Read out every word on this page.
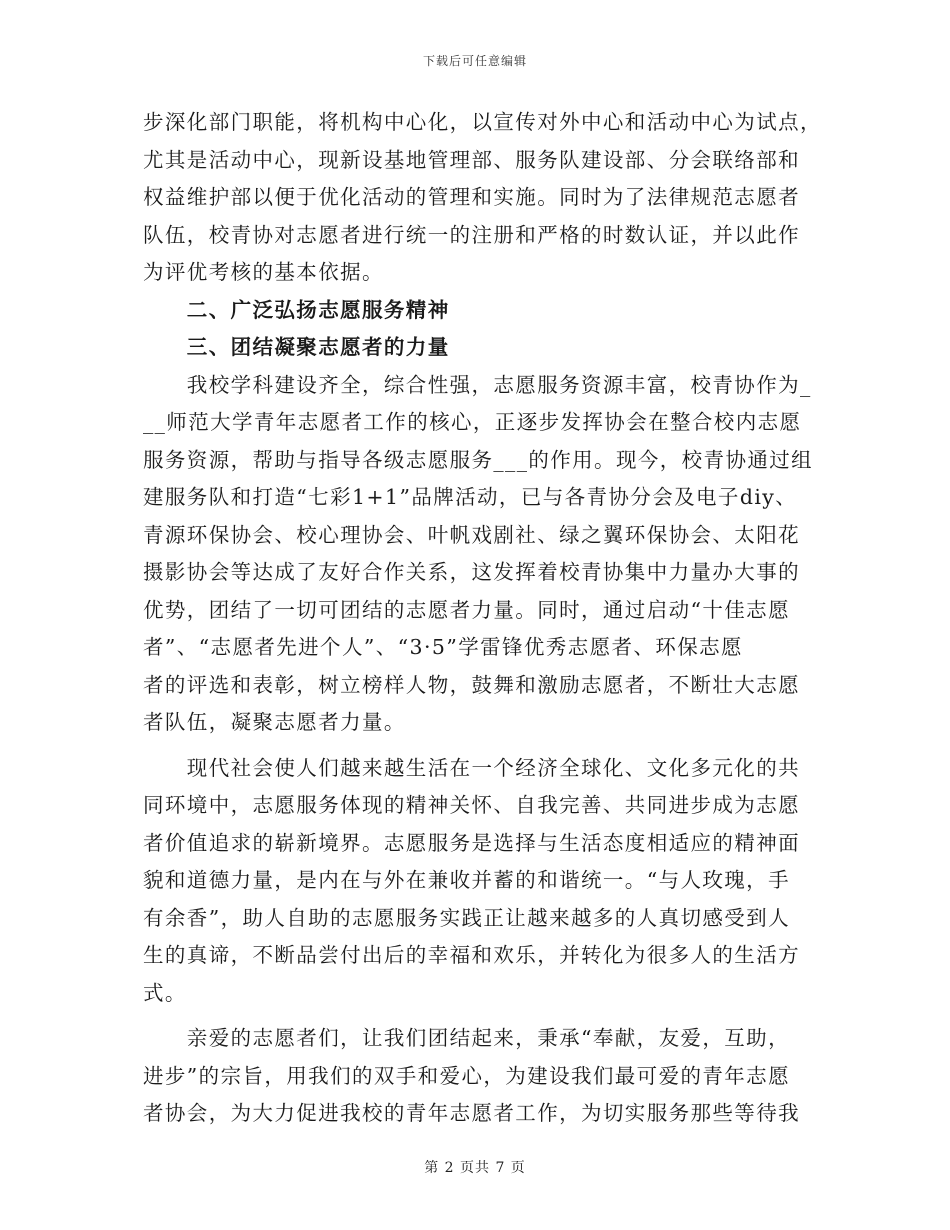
下载后可任意编辑
步深化部门职能，将机构中心化，以宣传对外中心和活动中心为试点，
尤其是活动中心，现新设基地管理部、服务队建设部、分会联络部和
权益维护部以便于优化活动的管理和实施。同时为了法律规范志愿者
队伍，校青协对志愿者进行统一的注册和严格的时数认证，并以此作
为评优考核的基本依据。
　　二、广泛弘扬志愿服务精神
　　三、团结凝聚志愿者的力量
　　我校学科建设齐全，综合性强，志愿服务资源丰富，校青协作为_
__师范大学青年志愿者工作的核心，正逐步发挥协会在整合校内志愿
服务资源，帮助与指导各级志愿服务___的作用。现今，校青协通过组
建服务队和打造“七彩1+1”品牌活动，已与各青协分会及电子diy、
青源环保协会、校心理协会、叶帆戏剧社、绿之翼环保协会、太阳花
摄影协会等达成了友好合作关系，这发挥着校青协集中力量办大事的
优势，团结了一切可团结的志愿者力量。同时，通过启动“十佳志愿
者”、“志愿者先进个人”、“3·5”学雷锋优秀志愿者、环保志愿
者的评选和表彰，树立榜样人物，鼓舞和激励志愿者，不断壮大志愿
者队伍，凝聚志愿者力量。
　　现代社会使人们越来越生活在一个经济全球化、文化多元化的共
同环境中，志愿服务体现的精神关怀、自我完善、共同进步成为志愿
者价值追求的崭新境界。志愿服务是选择与生活态度相适应的精神面
貌和道德力量，是内在与外在兼收并蓄的和谐统一。“与人玫瑰，手
有余香”，助人自助的志愿服务实践正让越来越多的人真切感受到人
生的真谛，不断品尝付出后的幸福和欢乐，并转化为很多人的生活方
式。
　　亲爱的志愿者们，让我们团结起来，秉承“奉献，友爱，互助，
进步”的宗旨，用我们的双手和爱心，为建设我们最可爱的青年志愿
者协会，为大力促进我校的青年志愿者工作，为切实服务那些等待我
第 2 页共 7 页
